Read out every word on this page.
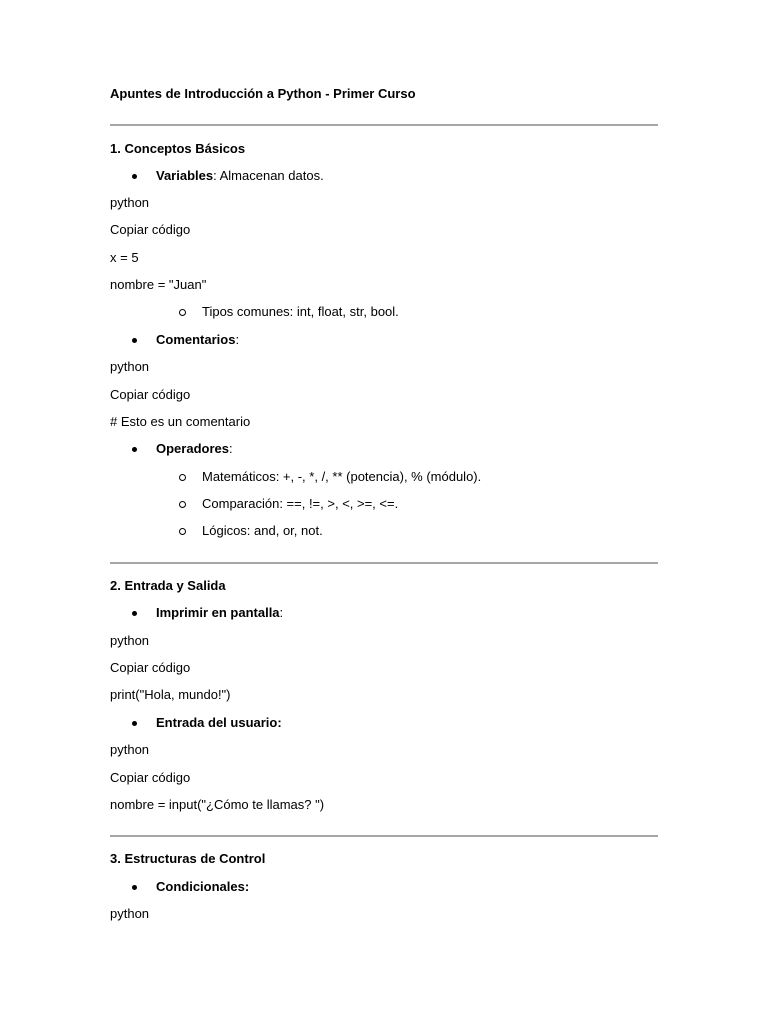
Apuntes de Introducción a Python - Primer Curso
1. Conceptos Básicos
Variables: Almacenan datos.
python
Copiar código
x = 5
nombre = "Juan"
Tipos comunes: int, float, str, bool.
Comentarios:
python
Copiar código
# Esto es un comentario
Operadores:
Matemáticos: +, -, *, /, ** (potencia), % (módulo).
Comparación: ==, !=, >, <, >=, <=.
Lógicos: and, or, not.
2. Entrada y Salida
Imprimir en pantalla:
python
Copiar código
print("Hola, mundo!")
Entrada del usuario:
python
Copiar código
nombre = input("¿Cómo te llamas? ")
3. Estructuras de Control
Condicionales:
python
